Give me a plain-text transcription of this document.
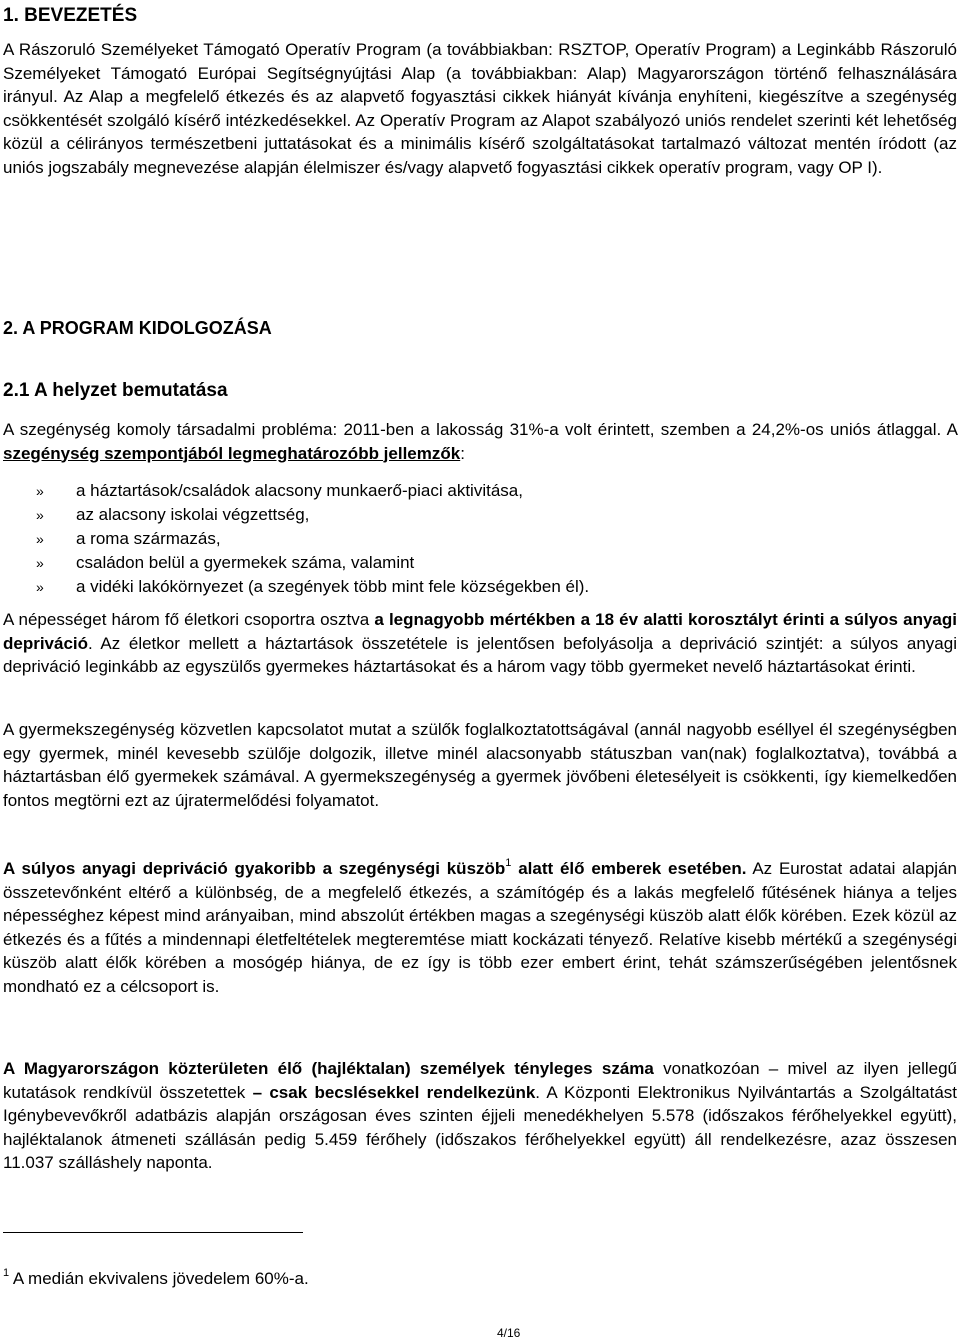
1. BEVEZETÉS

A Rászoruló Személyeket Támogató Operatív Program (a továbbiakban: RSZTOP, Operatív Program) a Leginkább Rászoruló Személyeket Támogató Európai Segítségnyújtási Alap (a továbbiakban: Alap) Magyarországon történő felhasználására irányul. Az Alap a megfelelő étkezés és az alapvető fogyasztási cikkek hiányát kívánja enyhíteni, kiegészítve a szegénység csökkentését szolgáló kísérő intézkedésekkel. Az Operatív Program az Alapot szabályozó uniós rendelet szerinti két lehetőség közül a célirányos természetbeni juttatásokat és a minimális kísérő szolgáltatásokat tartalmazó változat mentén íródott (az uniós jogszabály megnevezése alapján élelmiszer és/vagy alapvető fogyasztási cikkek operatív program, vagy OP I).

2. A PROGRAM KIDOLGOZÁSA
2.1 A helyzet bemutatása

A szegénység komoly társadalmi probléma: 2011-ben a lakosság 31%-a volt érintett, szemben a 24,2%-os uniós átlaggal. A szegénység szempontjából legmeghatározóbb jellemzők:

» a háztartások/családok alacsony munkaerő-piaci aktivitása,
» az alacsony iskolai végzettség,
» a roma származás,
» családon belül a gyermekek száma, valamint
» a vidéki lakókörnyezet (a szegények több mint fele községekben él).

A népességet három fő életkori csoportra osztva a legnagyobb mértékben a 18 év alatti korosztályt érinti a súlyos anyagi depriváció. Az életkor mellett a háztartások összetétele is jelentősen befolyásolja a depriváció szintjét: a súlyos anyagi depriváció leginkább az egyszülős gyermekes háztartásokat és a három vagy több gyermeket nevelő háztartásokat érinti.

A gyermekszegénység közvetlen kapcsolatot mutat a szülők foglalkoztatottságával (annál nagyobb eséllyel él szegénységben egy gyermek, minél kevesebb szülője dolgozik, illetve minél alacsonyabb státuszban van(nak) foglalkoztatva), továbbá a háztartásban élő gyermekek számával. A gyermekszegénység a gyermek jövőbeni életesélyeit is csökkenti, így kiemelkedően fontos megtörni ezt az újratermelődési folyamatot.

A súlyos anyagi depriváció gyakoribb a szegénységi küszöb$^1$ alatt élő emberek esetében. Az Eurostat adatai alapján összetevőnként eltérő a különbség, de a megfelelő étkezés, a számítógép és a lakás megfelelő fűtésének hiánya a teljes népességhez képest mind arányaiban, mind abszolút értékben magas a szegénységi küszöb alatt élők körében. Ezek közül az étkezés és a fűtés a mindennapi életfeltételek megteremtése miatt kockázati tényező. Relatíve kisebb mértékű a szegénységi küszöb alatt élők körében a mosógép hiánya, de ez így is több ezer embert érint, tehát számszerűségében jelentősnek mondható ez a célcsoport is.

A Magyarországon közterületen élő (hajléktalan) személyek tényleges száma vonatkozóan – mivel az ilyen jellegű kutatások rendkívül összetettek – csak becslésekkel rendelkezünk. A Központi Elektronikus Nyilvántartás a Szolgáltatást Igénybevevőkről adatbázis alapján országosan éves szinten éjjeli menedékhelyen 5.578 (időszakos férőhelyekkel együtt), hajléktalanok átmeneti szállásán pedig 5.459 férőhely (időszakos férőhelyekkel együtt) áll rendelkezésre, azaz összesen 11.037 szálláshely naponta.

$^1$ A medián ekvivalens jövedelem 60%-a.
4/16
